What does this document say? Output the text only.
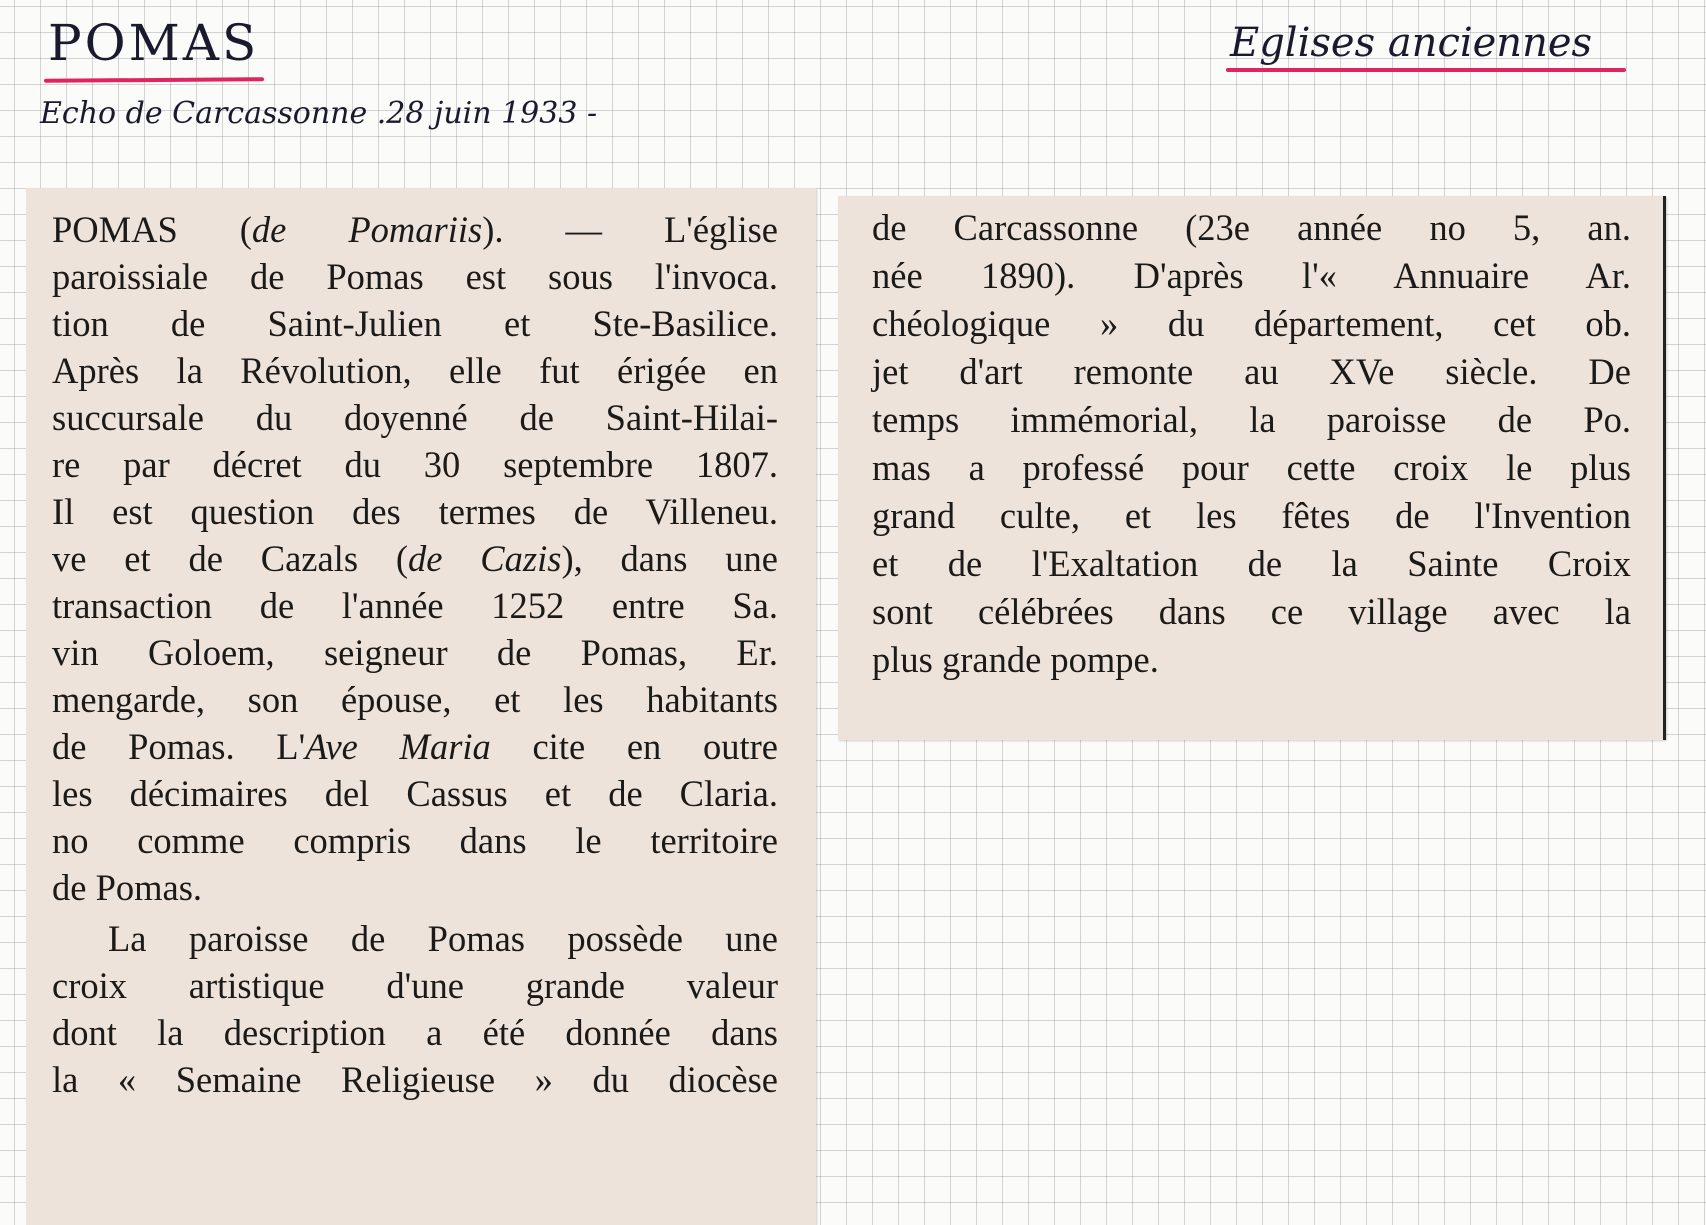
POMAS
Echo de Carcassonne .28 juin 1933 -
Eglises anciennes
POMAS (de Pomariis). — L'église
paroissiale de Pomas est sous l'invoca.
tion de Saint-Julien et Ste-Basilice.
Après la Révolution, elle fut érigée en
succursale du doyenné de Saint-Hilai-
re par décret du 30 septembre 1807.
Il est question des termes de Villeneu.
ve et de Cazals (de Cazis), dans une
transaction de l'année 1252 entre Sa.
vin Goloem, seigneur de Pomas, Er.
mengarde, son épouse, et les habitants
de Pomas. L'Ave Maria cite en outre
les décimaires del Cassus et de Claria.
no comme compris dans le territoire
de Pomas.
La paroisse de Pomas possède une
croix artistique d'une grande valeur
dont la description a été donnée dans
la « Semaine Religieuse » du diocèse
de Carcassonne (23e année no 5, an.
née 1890). D'après l'« Annuaire Ar.
chéologique » du département, cet ob.
jet d'art remonte au XVe siècle. De
temps immémorial, la paroisse de Po.
mas a professé pour cette croix le plus
grand culte, et les fêtes de l'Invention
et de l'Exaltation de la Sainte Croix
sont célébrées dans ce village avec la
plus grande pompe.
